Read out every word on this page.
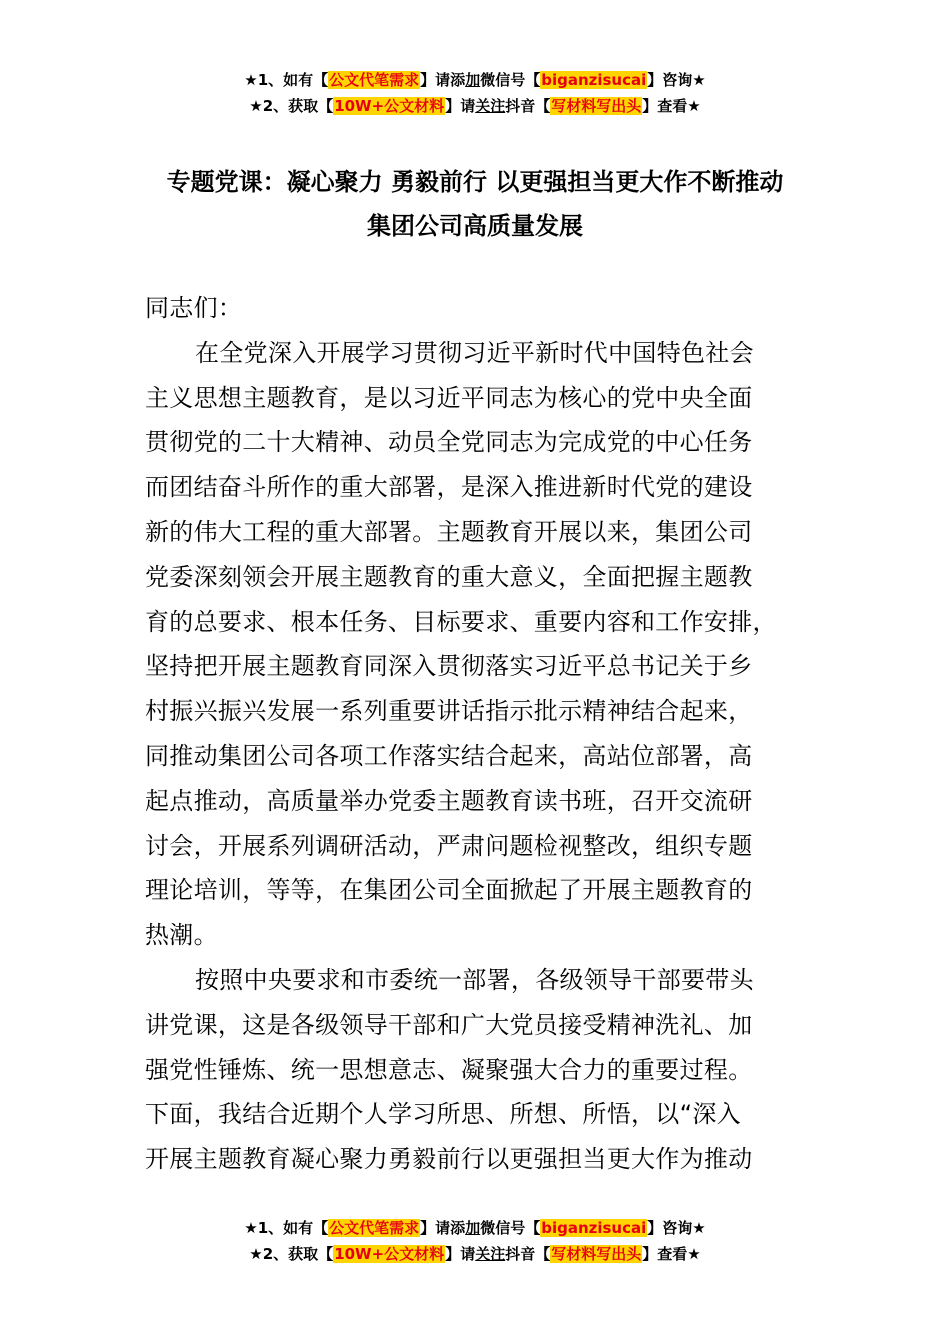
★1、如有【公文代笔需求】请添加微信号【biganzisucai】咨询★
★2、获取【10W+公文材料】请关注抖音【写材料写出头】查看★
专题党课：凝心聚力 勇毅前行 以更强担当更大作不断推动
集团公司高质量发展
同志们：
在全党深入开展学习贯彻习近平新时代中国特色社会
主义思想主题教育，是以习近平同志为核心的党中央全面
贯彻党的二十大精神、动员全党同志为完成党的中心任务
而团结奋斗所作的重大部署，是深入推进新时代党的建设
新的伟大工程的重大部署。主题教育开展以来，集团公司
党委深刻领会开展主题教育的重大意义，全面把握主题教
育的总要求、根本任务、目标要求、重要内容和工作安排，
坚持把开展主题教育同深入贯彻落实习近平总书记关于乡
村振兴振兴发展一系列重要讲话指示批示精神结合起来，
同推动集团公司各项工作落实结合起来，高站位部署，高
起点推动，高质量举办党委主题教育读书班，召开交流研
讨会，开展系列调研活动，严肃问题检视整改，组织专题
理论培训，等等，在集团公司全面掀起了开展主题教育的
热潮。
按照中央要求和市委统一部署，各级领导干部要带头
讲党课，这是各级领导干部和广大党员接受精神洗礼、加
强党性锤炼、统一思想意志、凝聚强大合力的重要过程。
下面，我结合近期个人学习所思、所想、所悟，以“深入
开展主题教育凝心聚力勇毅前行以更强担当更大作为推动
★1、如有【公文代笔需求】请添加微信号【biganzisucai】咨询★
★2、获取【10W+公文材料】请关注抖音【写材料写出头】查看★
